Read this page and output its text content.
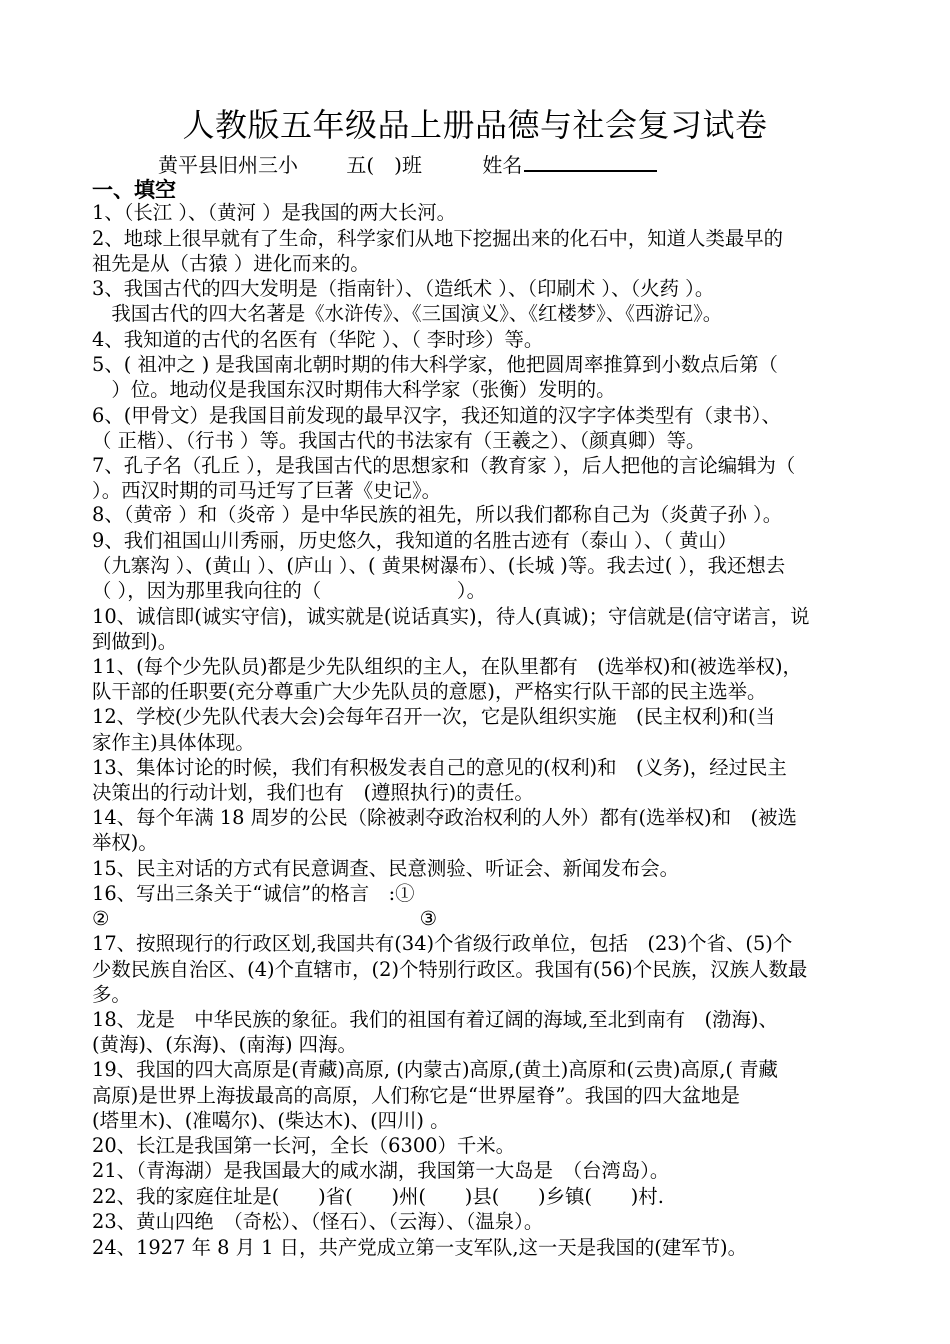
人教版五年级品上册品德与社会复习试卷
黄平县旧州三小 五(　)班	姓名
一、填空
1、（长江 ）、（黄河 ）是我国的两大长河。
2、地球上很早就有了生命，科学家们从地下挖掘出来的化石中，知道人类最早的
祖先是从（古猿 ）进化而来的。
3、我国古代的四大发明是（指南针）、（造纸术 ）、（印刷术 ）、（火药 ）。
　我国古代的四大名著是《水浒传》、《三国演义》、《红楼梦》、《西游记》。
4、我知道的古代的名医有（华陀 ）、（ 李时珍）等。
5、( 祖冲之 ) 是我国南北朝时期的伟大科学家，他把圆周率推算到小数点后第（
　）位。地动仪是我国东汉时期伟大科学家（张衡）发明的。
6、(甲骨文）是我国目前发现的最早汉字，我还知道的汉字字体类型有（隶书）、
（ 正楷）、（行书 ）等。我国古代的书法家有（王羲之）、（颜真卿）等。
7、孔子名（孔丘 ），是我国古代的思想家和（教育家 ），后人把他的言论编辑为（
）。西汉时期的司马迁写了巨著《史记》。
8、（黄帝 ）和（炎帝 ）是中华民族的祖先，所以我们都称自己为（炎黄子孙 ）。
9、我们祖国山川秀丽，历史悠久，我知道的名胜古迹有（泰山 ）、（ 黄山）
（九寨沟 ）、(黄山 ）、(庐山 ）、( 黄果树瀑布）、(长城 )等。我去过( ），我还想去
（ ），因为那里我向往的（　　　　　　　）。
10、诚信即(诚实守信)，诚实就是(说话真实)，待人(真诚)；守信就是(信守诺言，说
到做到)。
11、(每个少先队员)都是少先队组织的主人，在队里都有　(选举权)和(被选举权)，
队干部的任职要(充分尊重广大少先队员的意愿)，严格实行队干部的民主选举。
12、学校(少先队代表大会)会每年召开一次，它是队组织实施　(民主权利)和(当
家作主)具体体现。
13、集体讨论的时候，我们有积极发表自己的意见的(权利)和　(义务)，经过民主
决策出的行动计划，我们也有　(遵照执行)的责任。
14、每个年满 18 周岁的公民（除被剥夺政治权利的人外）都有(选举权)和　(被选
举权)。
15、民主对话的方式有民意调查、民意测验、听证会、新闻发布会。
16、写出三条关于“诚信”的格言　:①
②　　　　　　　　　　　　　　　　③
17、按照现行的行政区划,我国共有(34)个省级行政单位，包括　(23)个省、(5)个
少数民族自治区、(4)个直辖市，(2)个特别行政区。我国有(56)个民族，汉族人数最
多。
18、龙是　中华民族的象征。我们的祖国有着辽阔的海域,至北到南有　(渤海)、
(黄海)、(东海)、(南海) 四海。
19、我国的四大高原是(青藏)高原, (内蒙古)高原,(黄土)高原和(云贵)高原,( 青藏
高原)是世界上海拔最高的高原，人们称它是“世界屋脊”。我国的四大盆地是
(塔里木)、(准噶尔)、(柴达木)、(四川) 。
20、长江是我国第一长河，全长（6300）千米。
21、（青海湖）是我国最大的咸水湖，我国第一大岛是　（台湾岛）。
22、我的家庭住址是(　　)省(　　)州(　　)县(　　)乡镇(　　)村.
23、黄山四绝　（奇松）、（怪石）、（云海）、（温泉）。
24、1927 年 8 月 1 日，共产党成立第一支军队,这一天是我国的(建军节)。
